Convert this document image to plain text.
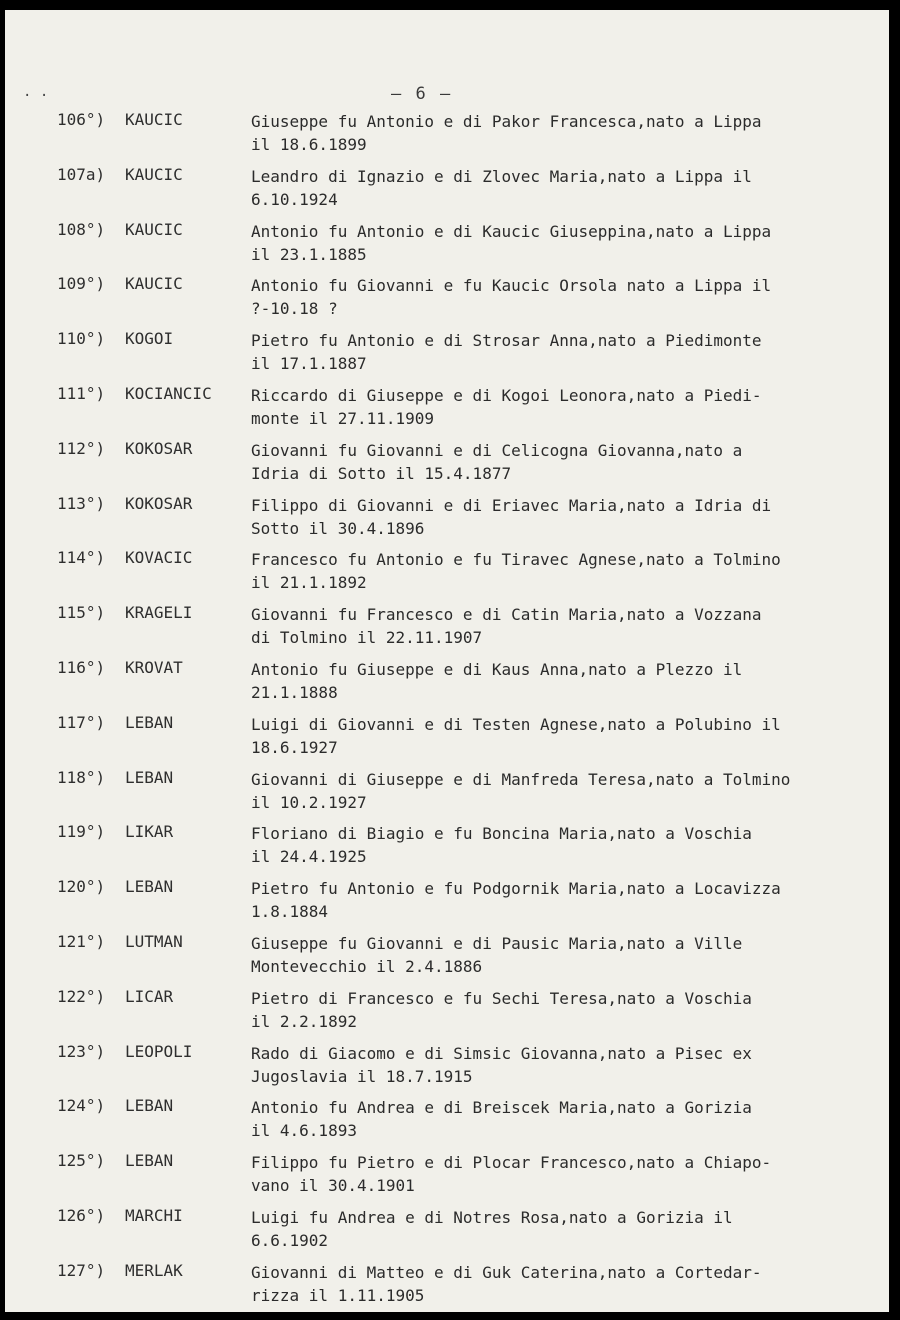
· ·	– 6 –
106°) KAUCIC	Giuseppe fu Antonio e di Pakor Francesca,nato a Lippa
il 18.6.1899
107a) KAUCIC	Leandro di Ignazio e di Zlovec Maria,nato a Lippa il
6.10.1924
108°) KAUCIC	Antonio fu Antonio e di Kaucic Giuseppina,nato a Lippa
il 23.1.1885
109°) KAUCIC	Antonio fu Giovanni e fu Kaucic Orsola nato a Lippa il
?-10.18 ?
110°) KOGOI	Pietro fu Antonio e di Strosar Anna,nato a Piedimonte
il 17.1.1887
111°) KOCIANCIC Riccardo di Giuseppe e di Kogoi Leonora,nato a Piedi-
monte il 27.11.1909
112°) KOKOSAR	Giovanni fu Giovanni e di Celicogna Giovanna,nato a
Idria di Sotto il 15.4.1877
113°) KOKOSAR	Filippo di Giovanni e di Eriavec Maria,nato a Idria di
Sotto il 30.4.1896
114°) KOVACIC	Francesco fu Antonio e fu Tiravec Agnese,nato a Tolmino
il 21.1.1892
115°) KRAGELI	Giovanni fu Francesco e di Catin Maria,nato a Vozzana
di Tolmino il 22.11.1907
116°) KROVAT	Antonio fu Giuseppe e di Kaus Anna,nato a Plezzo il
21.1.1888
117°) LEBAN	Luigi di Giovanni e di Testen Agnese,nato a Polubino il
18.6.1927
118°) LEBAN	Giovanni di Giuseppe e di Manfreda Teresa,nato a Tolmino
il 10.2.1927
119°) LIKAR	Floriano di Biagio e fu Boncina Maria,nato a Voschia
il 24.4.1925
120°) LEBAN	Pietro fu Antonio e fu Podgornik Maria,nato a Locavizza
1.8.1884
121°) LUTMAN	Giuseppe fu Giovanni e di Pausic Maria,nato a Ville
Montevecchio il 2.4.1886
122°) LICAR	Pietro di Francesco e fu Sechi Teresa,nato a Voschia
il 2.2.1892
123°) LEOPOLI	Rado di Giacomo e di Simsic Giovanna,nato a Pisec ex
Jugoslavia il 18.7.1915
124°) LEBAN	Antonio fu Andrea e di Breiscek Maria,nato a Gorizia
il 4.6.1893
125°) LEBAN	Filippo fu Pietro e di Plocar Francesco,nato a Chiapo-
vano il 30.4.1901
126°) MARCHI	Luigi fu Andrea e di Notres Rosa,nato a Gorizia il
6.6.1902
127°) MERLAK	Giovanni di Matteo e di Guk Caterina,nato a Cortedar-
rizza il 1.11.1905
